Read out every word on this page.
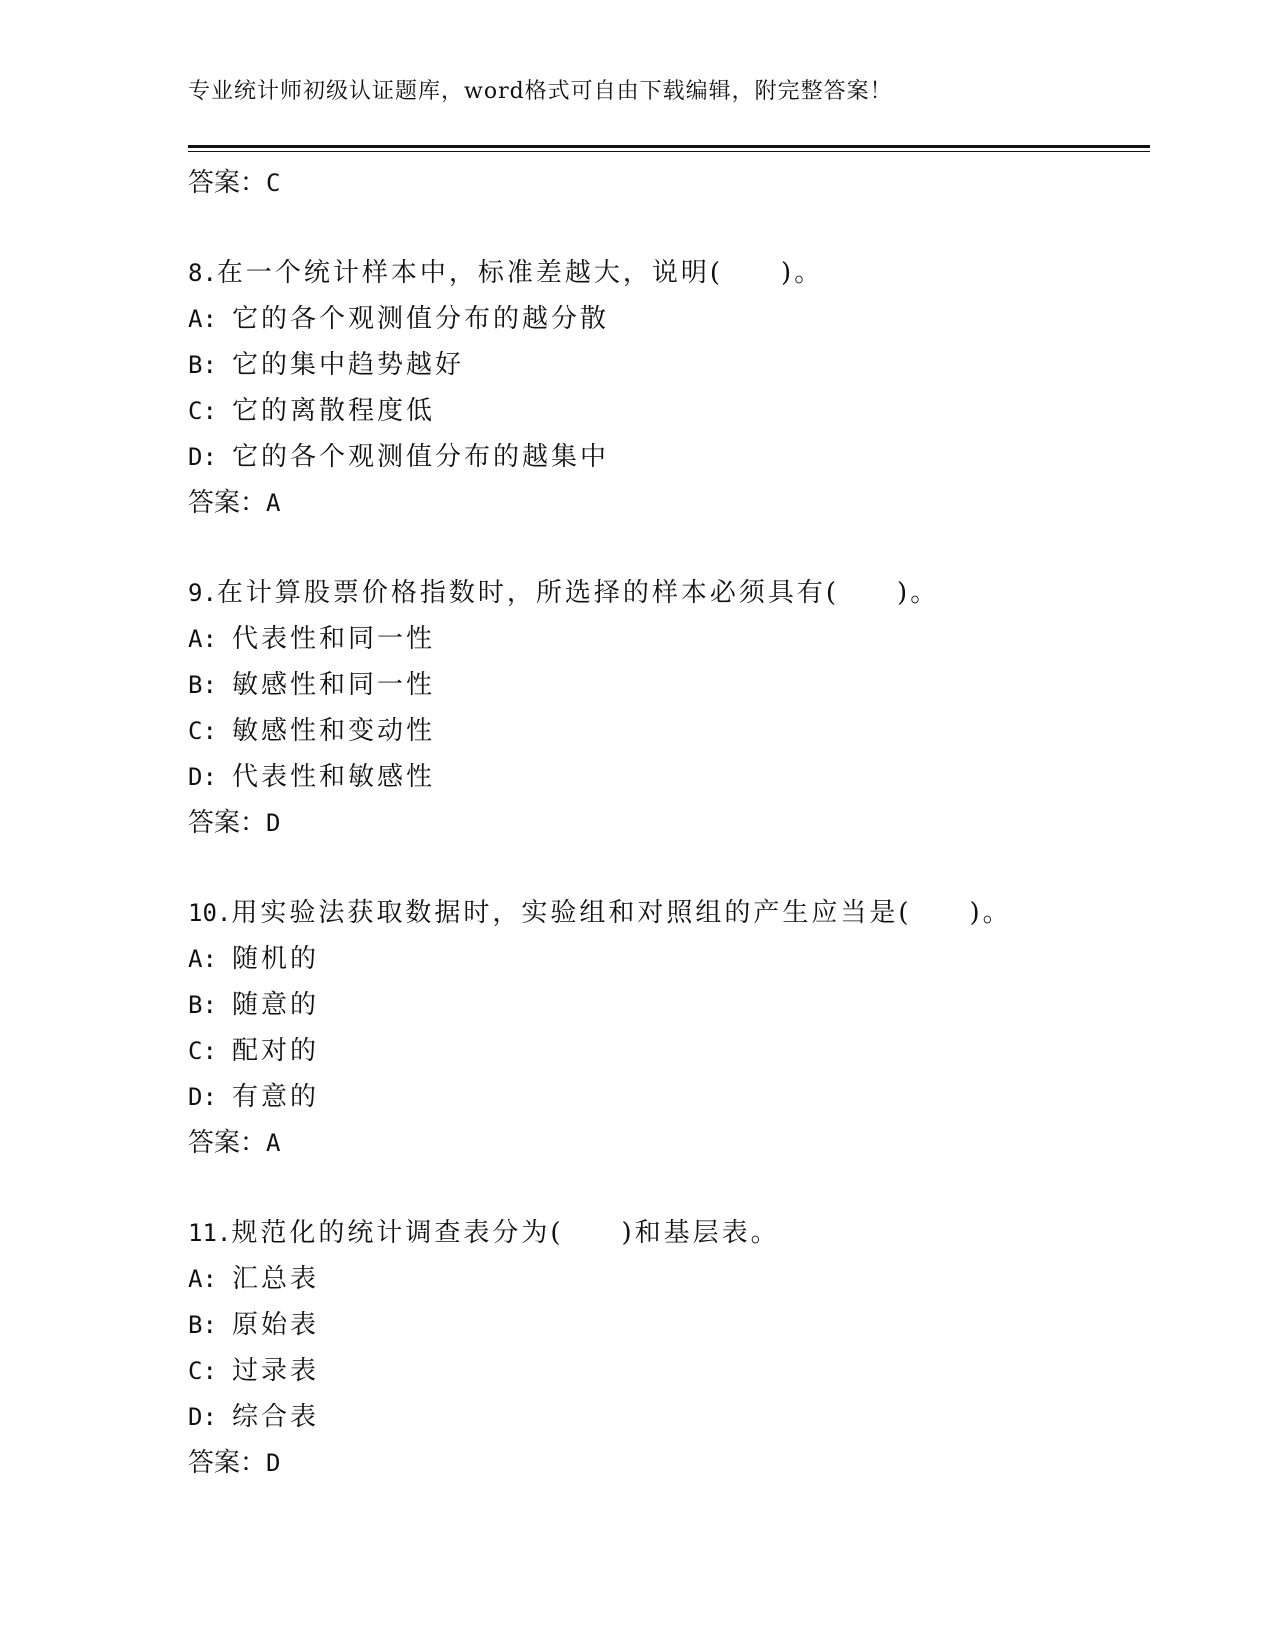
专业统计师初级认证题库，word格式可自由下载编辑，附完整答案！
答案：C
8.在一个统计样本中，标准差越大，说明(　　)。
A: 它的各个观测值分布的越分散
B: 它的集中趋势越好
C: 它的离散程度低
D: 它的各个观测值分布的越集中
答案：A
9.在计算股票价格指数时，所选择的样本必须具有(　　)。
A: 代表性和同一性
B: 敏感性和同一性
C: 敏感性和变动性
D: 代表性和敏感性
答案：D
10.用实验法获取数据时，实验组和对照组的产生应当是(　　)。
A: 随机的
B: 随意的
C: 配对的
D: 有意的
答案：A
11.规范化的统计调查表分为(　　)和基层表。
A: 汇总表
B: 原始表
C: 过录表
D: 综合表
答案：D
